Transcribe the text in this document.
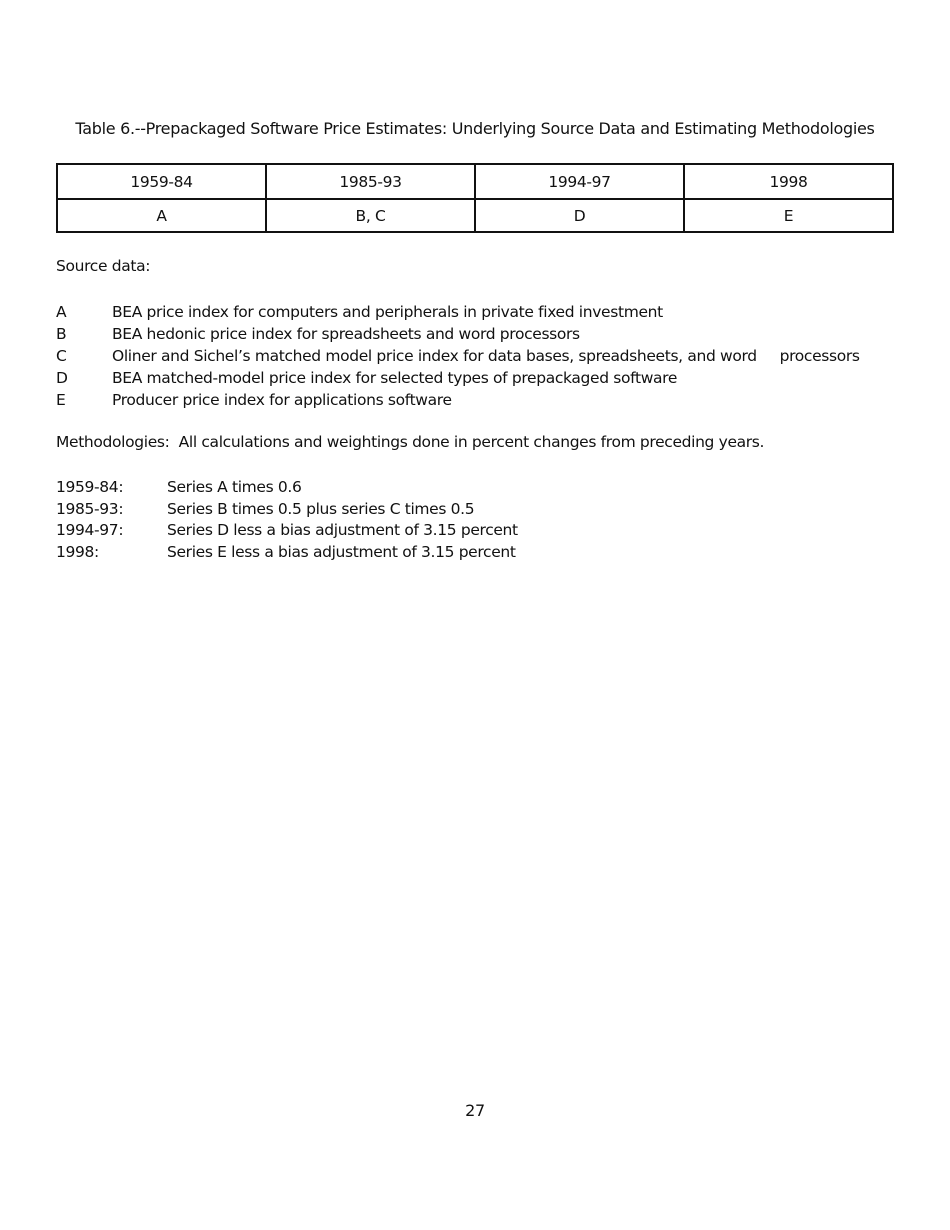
Table 6.--Prepackaged Software Price Estimates: Underlying Source Data and Estimating Methodologies
1959-84	1985-93	1994-97	1998
A	B, C	D	E
Source data:
A	BEA price index for computers and peripherals in private fixed investment
B	BEA hedonic price index for spreadsheets and word processors
C	Oliner and Sichel’s matched model price index for data bases, spreadsheets, and word     processors
D	BEA matched-model price index for selected types of prepackaged software
E	Producer price index for applications software
Methodologies:  All calculations and weightings done in percent changes from preceding years.
1959-84:	Series A times 0.6
1985-93:	Series B times 0.5 plus series C times 0.5
1994-97:	Series D less a bias adjustment of 3.15 percent
1998:	Series E less a bias adjustment of 3.15 percent
27
